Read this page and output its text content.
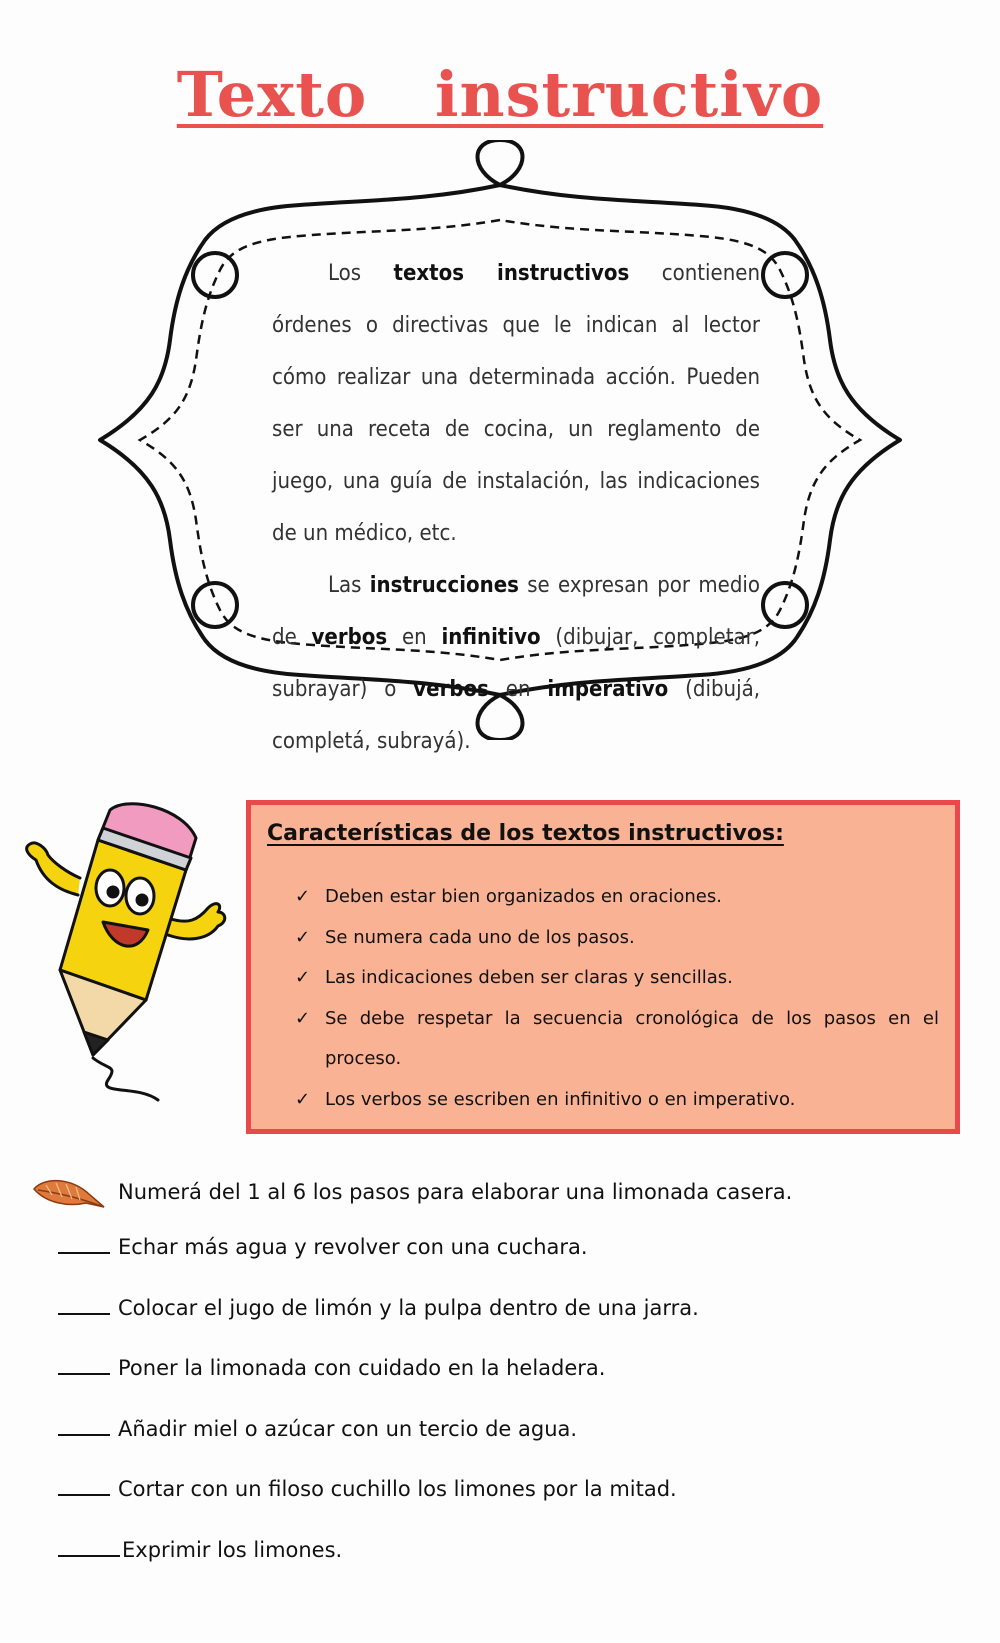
Texto   instructivo

Los textos instructivos contienen órdenes o directivas que le indican al lector cómo realizar una determinada acción. Pueden ser una receta de cocina, un reglamento de juego, una guía de instalación, las indicaciones de un médico, etc.

Las instrucciones se expresan por medio de verbos en infinitivo (dibujar, completar, subrayar) o verbos en imperativo (dibujá, completá, subrayá).

Características de los textos instructivos:
✓ Deben estar bien organizados en oraciones.
✓ Se numera cada uno de los pasos.
✓ Las indicaciones deben ser claras y sencillas.
✓ Se debe respetar la secuencia cronológica de los pasos en el proceso.
✓ Los verbos se escriben en infinitivo o en imperativo.

Numerá del 1 al 6 los pasos para elaborar una limonada casera.

Echar más agua y revolver con una cuchara.
Colocar el jugo de limón y la pulpa dentro de una jarra.
Poner la limonada con cuidado en la heladera.
Añadir miel o azúcar con un tercio de agua.
Cortar con un filoso cuchillo los limones por la mitad.
Exprimir los limones.
